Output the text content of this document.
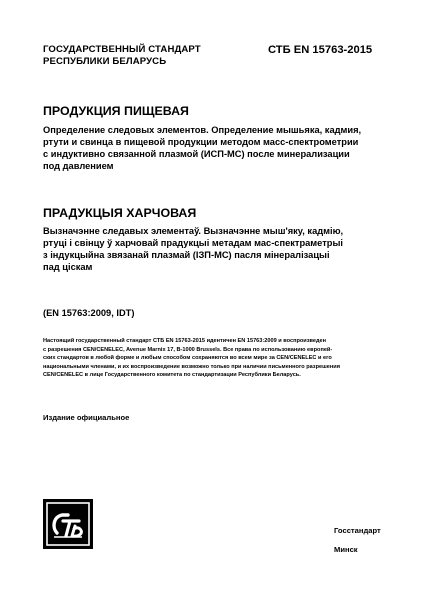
ГОСУДАРСТВЕННЫЙ СТАНДАРТ
РЕСПУБЛИКИ БЕЛАРУСЬ
СТБ EN 15763-2015
ПРОДУКЦИЯ ПИЩЕВАЯ
Определение следовых элементов. Определение мышьяка, кадмия,
ртути и свинца в пищевой продукции методом масс-спектрометрии
с индуктивно связанной плазмой (ИСП-МС) после минерализации
под давлением
ПРАДУКЦЫЯ ХАРЧОВАЯ
Вызначэнне следавых элементаў. Вызначэнне мыш'яку, кадмію,
ртуці і свінцу ў харчовай прадукцыі метадам мас-спектраметрыі
з індукцыйна звязанай плазмай (ІЗП-МС) пасля мінералізацыі
пад ціскам
(EN 15763:2009, IDT)
Настоящий государственный стандарт СТБ EN 15763-2015 идентичен EN 15763:2009 и воспроизведен
с разрешения CEN/CENELEC, Avenue Marnix 17, B-1000 Brussels. Все права по использованию европей-
ских стандартов в любой форме и любым способом сохраняются во всем мире за CEN/CENELEC и его
национальными членами, и их воспроизведение возможно только при наличии письменного разрешения
CEN/CENELEC в лице Государственного комитета по стандартизации Республики Беларусь.
Издание официальное
Госстандарт
Минск
